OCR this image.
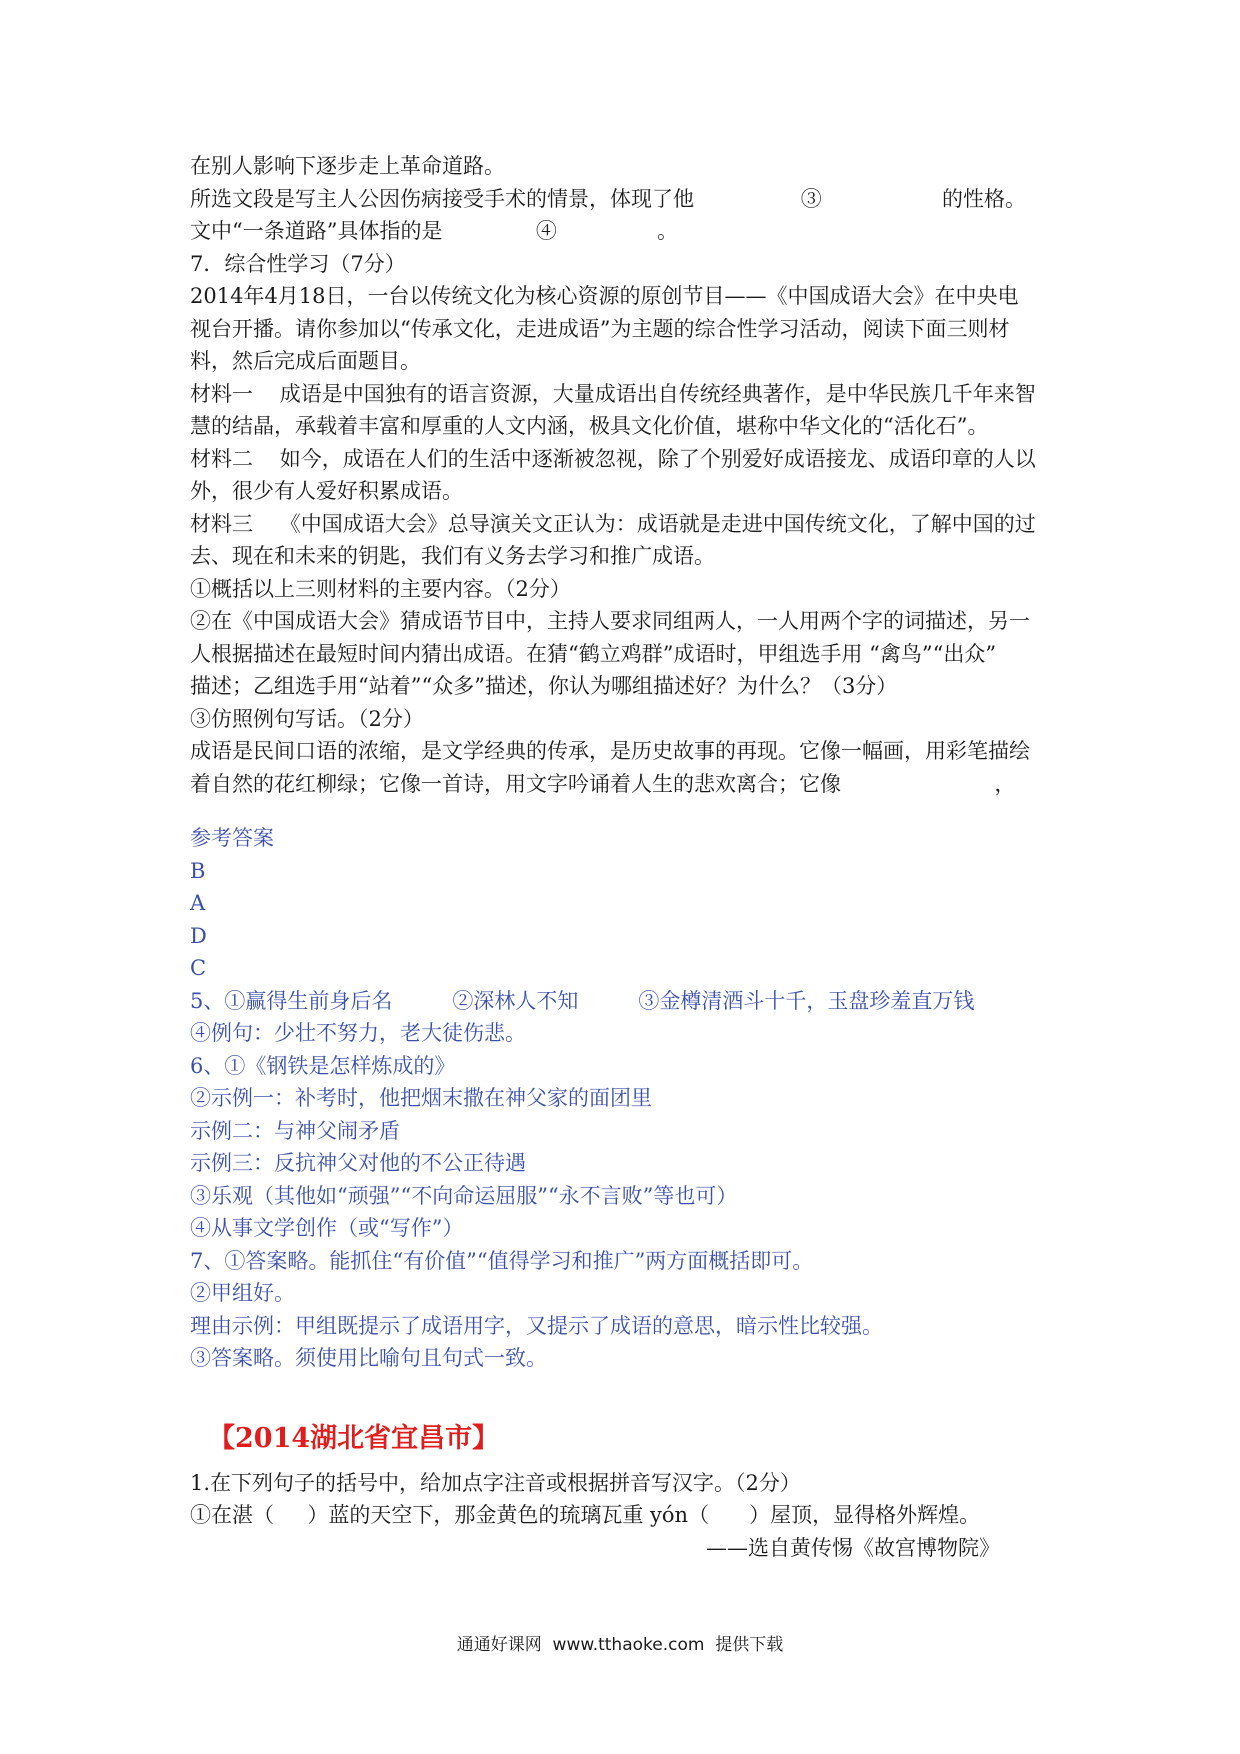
在别人影响下逐步走上革命道路。
所选文段是写主人公因伤病接受手术的情景，体现了他                ③                  的性格。
文中“一条道路”具体指的是              ④               。
7．综合性学习（7分）
2014年4月18日，一台以传统文化为核心资源的原创节目——《中国成语大会》在中央电
视台开播。请你参加以“传承文化，走进成语”为主题的综合性学习活动，阅读下面三则材
料，然后完成后面题目。
材料一    成语是中国独有的语言资源，大量成语出自传统经典著作，是中华民族几千年来智
慧的结晶，承载着丰富和厚重的人文内涵，极具文化价值，堪称中华文化的“活化石”。
材料二    如今，成语在人们的生活中逐渐被忽视，除了个别爱好成语接龙、成语印章的人以
外，很少有人爱好积累成语。
材料三    《中国成语大会》总导演关文正认为：成语就是走进中国传统文化，了解中国的过
去、现在和未来的钥匙，我们有义务去学习和推广成语。
①概括以上三则材料的主要内容。（2分）
②在《中国成语大会》猜成语节目中，主持人要求同组两人，一人用两个字的词描述，另一
人根据描述在最短时间内猜出成语。在猜“鹤立鸡群”成语时，甲组选手用 “禽鸟”“出众”
描述；乙组选手用“站着”“众多”描述，你认为哪组描述好？为什么？（3分）
③仿照例句写话。（2分）
成语是民间口语的浓缩，是文学经典的传承，是历史故事的再现。它像一幅画，用彩笔描绘
着自然的花红柳绿；它像一首诗，用文字吟诵着人生的悲欢离合；它像                       ，
参考答案
B
A
D
C
5、①赢得生前身后名	②深林人不知	③金樽清酒斗十千，玉盘珍羞直万钱
④例句：少壮不努力，老大徒伤悲。
6、①《钢铁是怎样炼成的》
②示例一：补考时，他把烟末撒在神父家的面团里
示例二：与神父闹矛盾
示例三：反抗神父对他的不公正待遇
③乐观（其他如“顽强”“不向命运屈服”“永不言败”等也可）
④从事文学创作（或“写作”）
7、①答案略。能抓住“有价值”“值得学习和推广”两方面概括即可。
②甲组好。
理由示例：甲组既提示了成语用字，又提示了成语的意思，暗示性比较强。
③答案略。须使用比喻句且句式一致。
【2014湖北省宜昌市】
1.在下列句子的括号中，给加点字注音或根据拼音写汉字。（2分）
①在湛（     ）蓝的天空下，那金黄色的琉璃瓦重 yón（      ）屋顶，显得格外辉煌。
——选自黄传惕《故宫博物院》
通通好课网  www.tthaoke.com  提供下载
